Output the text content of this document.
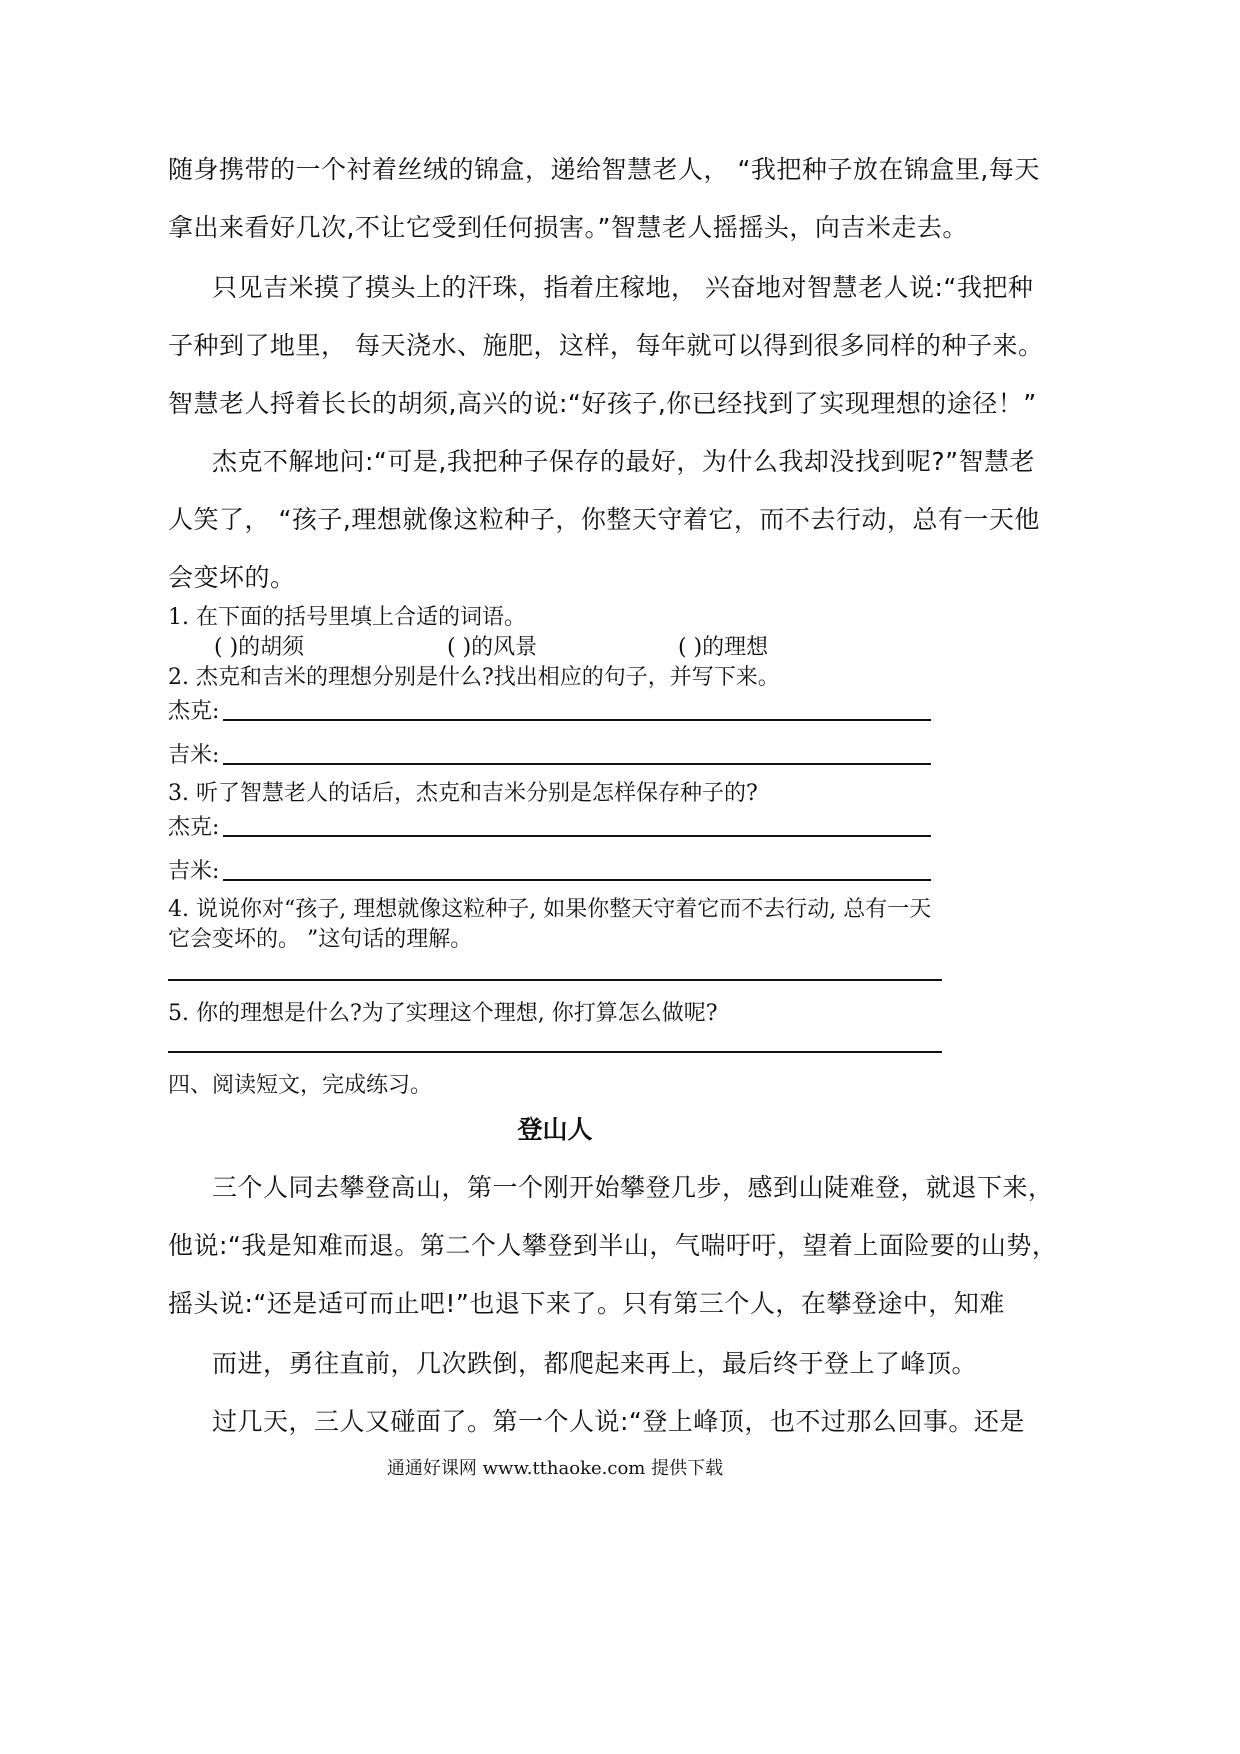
随身携带的一个衬着丝绒的锦盒，递给智慧老人， “我把种子放在锦盒里,每天
拿出来看好几次,不让它受到任何损害。”智慧老人摇摇头，向吉米走去。
只见吉米摸了摸头上的汗珠，指着庄稼地， 兴奋地对智慧老人说:“我把种
子种到了地里， 每天浇水、施肥，这样，每年就可以得到很多同样的种子来。
智慧老人捋着长长的胡须,高兴的说:“好孩子,你已经找到了实现理想的途径！”
杰克不解地问:“可是,我把种子保存的最好，为什么我却没找到呢?”智慧老
人笑了， “孩子,理想就像这粒种子，你整天守着它，而不去行动，总有一天他
会变坏的。
1. 在下面的括号里填上合适的词语。
( )的胡须	( )的风景	( )的理想
2. 杰克和吉米的理想分别是什么?找出相应的句子，并写下来。
杰克:
吉米:
3. 听了智慧老人的话后，杰克和吉米分别是怎样保存种子的?
杰克:
吉米:
4. 说说你对“孩子, 理想就像这粒种子, 如果你整天守着它而不去行动, 总有一天
它会变坏的。 ”这句话的理解。
5. 你的理想是什么?为了实理这个理想, 你打算怎么做呢?
四、阅读短文，完成练习。
登山人
三个人同去攀登高山，第一个刚开始攀登几步，感到山陡难登，就退下来，
他说:“我是知难而退。第二个人攀登到半山，气喘吁吁，望着上面险要的山势，
摇头说:“还是适可而止吧!”也退下来了。只有第三个人，在攀登途中，知难
而进，勇往直前，几次跌倒，都爬起来再上，最后终于登上了峰顶。
过几天，三人又碰面了。第一个人说:“登上峰顶，也不过那么回事。还是
通通好课网 www.tthaoke.com 提供下载
